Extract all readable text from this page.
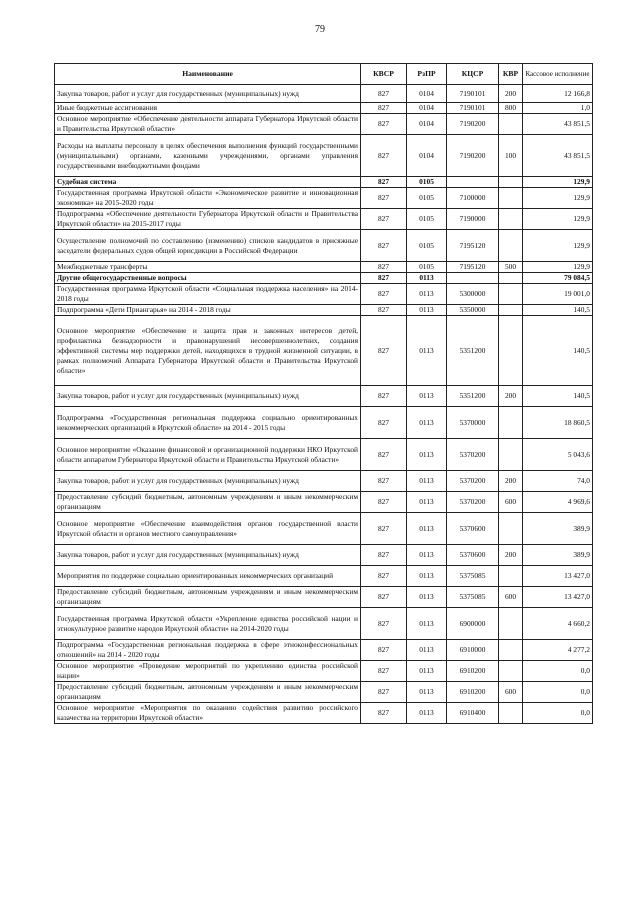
79
Наименование	КВСР	РзПР	КЦСР	КВР	Кассовое исполнение
Закупка товаров, работ и услуг для государственных (муниципальных) нужд	827	0104	7190101	200	12 166,8
Иные бюджетные ассигнования	827	0104	7190101	800	1,0
Основное мероприятие «Обеспечение деятельности аппарата Губернатора Иркутской области и Правительства Иркутской области»	827	0104	7190200		43 851,5
Расходы на выплаты персоналу в целях обеспечения выполнения функций государственными (муниципальными) органами, казенными учреждениями, органами управления государственными внебюджетными фондами	827	0104	7190200	100	43 851,5
Судебная система	827	0105			129,9
Государственная программа Иркутской области «Экономическое развитие и инновационная экономика» на 2015-2020 годы	827	0105	7100000		129,9
Подпрограмма «Обеспечение деятельности Губернатора Иркутской области и Правительства Иркутской области» на 2015-2017 годы	827	0105	7190000		129,9
Осуществление полномочий по составлению (изменению) списков кандидатов в присяжные заседатели федеральных судов общей юрисдикции в Российской Федерации	827	0105	7195120		129,9
Межбюджетные трансферты	827	0105	7195120	500	129,9
Другие общегосударственные вопросы	827	0113			79 084,5
Государственная программа Иркутской области «Социальная поддержка населения» на 2014-2018 годы	827	0113	5300000		19 001,0
Подпрограмма «Дети Приангарья» на 2014 - 2018 годы	827	0113	5350000		140,5
Основное мероприятие «Обеспечение и защита прав и законных интересов детей, профилактика безнадзорности и правонарушений несовершеннолетних, создания эффективной системы мер поддержки детей, находящихся в трудной жизненной ситуации, в рамках полномочий Аппарата Губернатора Иркутской области и Правительства Иркутской области»	827	0113	5351200		140,5
Закупка товаров, работ и услуг для государственных (муниципальных) нужд	827	0113	5351200	200	140,5
Подпрограмма «Государственная региональная поддержка социально ориентированных некоммерческих организаций в Иркутской области» на 2014 - 2015 годы	827	0113	5370000		18 860,5
Основное мероприятие «Оказание финансовой и организационной поддержки НКО Иркутской области аппаратом Губернатора Иркутской области и Правительства Иркутской области»	827	0113	5370200		5 043,6
Закупка товаров, работ и услуг для государственных (муниципальных) нужд	827	0113	5370200	200	74,0
Предоставление субсидий бюджетным, автономным учреждениям и иным некоммерческим организациям	827	0113	5370200	600	4 969,6
Основное мероприятие «Обеспечение взаимодействия органов государственной власти Иркутской области и органов местного самоуправления»	827	0113	5370600		389,9
Закупка товаров, работ и услуг для государственных (муниципальных) нужд	827	0113	5370600	200	389,9
Мероприятия по поддержке социально ориентированных некоммерческих организаций	827	0113	5375085		13 427,0
Предоставление субсидий бюджетным, автономным учреждениям и иным некоммерческим организациям	827	0113	5375085	600	13 427,0
Государственная программа Иркутской области «Укрепление единства российской нации и этнокультурное развитие народов Иркутской области» на 2014-2020 годы	827	0113	6900000		4 660,2
Подпрограмма «Государственная региональная поддержка в сфере этноконфессиональных отношений» на 2014 - 2020 годы	827	0113	6910000		4 277,2
Основное мероприятие «Проведение мероприятий по укреплению единства российской нации»	827	0113	6910200		0,0
Предоставление субсидий бюджетным, автономным учреждениям и иным некоммерческим организациям	827	0113	6910200	600	0,0
Основное мероприятие «Мероприятия по оказанию содействия развитию российского казачества на территории Иркутской области»	827	0113	6910400		0,0
